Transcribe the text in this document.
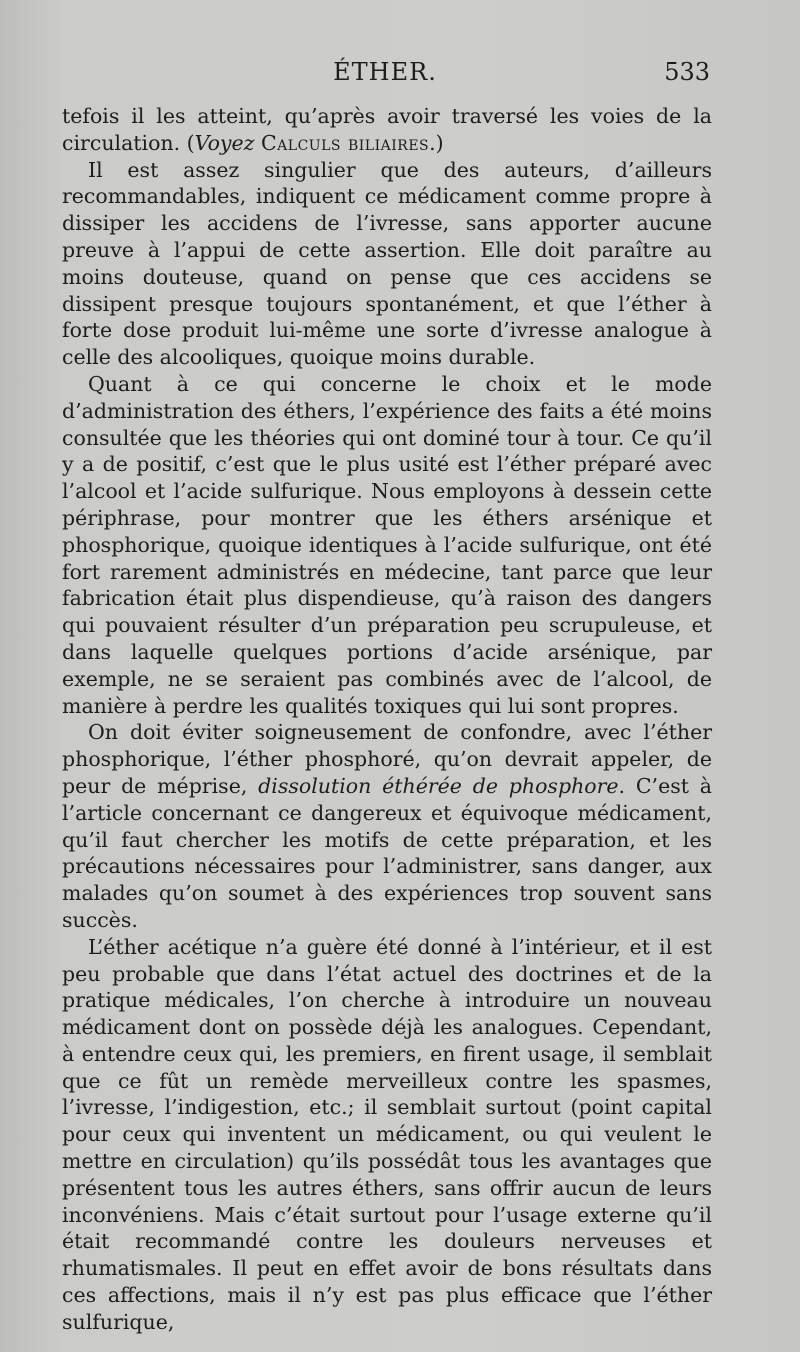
ÉTHER.	533

tefois il les atteint, qu’après avoir traversé les voies de la circulation. (Voyez Calculs biliaires.)

Il est assez singulier que des auteurs, d’ailleurs recommandables, indiquent ce médicament comme propre à dissiper les accidens de l’ivresse, sans apporter aucune preuve à l’appui de cette assertion. Elle doit paraître au moins douteuse, quand on pense que ces accidens se dissipent presque toujours spontanément, et que l’éther à forte dose produit lui-même une sorte d’ivresse analogue à celle des alcooliques, quoique moins durable.

Quant à ce qui concerne le choix et le mode d’administration des éthers, l’expérience des faits a été moins consultée que les théories qui ont dominé tour à tour. Ce qu’il y a de positif, c’est que le plus usité est l’éther préparé avec l’alcool et l’acide sulfurique. Nous employons à dessein cette périphrase, pour montrer que les éthers arsénique et phosphorique, quoique identiques à l’acide sulfurique, ont été fort rarement administrés en médecine, tant parce que leur fabrication était plus dispendieuse, qu’à raison des dangers qui pouvaient résulter d’un préparation peu scrupuleuse, et dans laquelle quelques portions d’acide arsénique, par exemple, ne se seraient pas combinés avec de l’alcool, de manière à perdre les qualités toxiques qui lui sont propres.

On doit éviter soigneusement de confondre, avec l’éther phosphorique, l’éther phosphoré, qu’on devrait appeler, de peur de méprise, dissolution éthérée de phosphore. C’est à l’article concernant ce dangereux et équivoque médicament, qu’il faut chercher les motifs de cette préparation, et les précautions nécessaires pour l’administrer, sans danger, aux malades qu’on soumet à des expériences trop souvent sans succès.

L’éther acétique n’a guère été donné à l’intérieur, et il est peu probable que dans l’état actuel des doctrines et de la pratique médicales, l’on cherche à introduire un nouveau médicament dont on possède déjà les analogues. Cependant, à entendre ceux qui, les premiers, en firent usage, il semblait que ce fût un remède merveilleux contre les spasmes, l’ivresse, l’indigestion, etc.; il semblait surtout (point capital pour ceux qui inventent un médicament, ou qui veulent le mettre en circulation) qu’ils possédât tous les avantages que présentent tous les autres éthers, sans offrir aucun de leurs inconvéniens. Mais c’était surtout pour l’usage externe qu’il était recommandé contre les douleurs nerveuses et rhumatismales. Il peut en effet avoir de bons résultats dans ces affections, mais il n’y est pas plus efficace que l’éther sulfurique,
